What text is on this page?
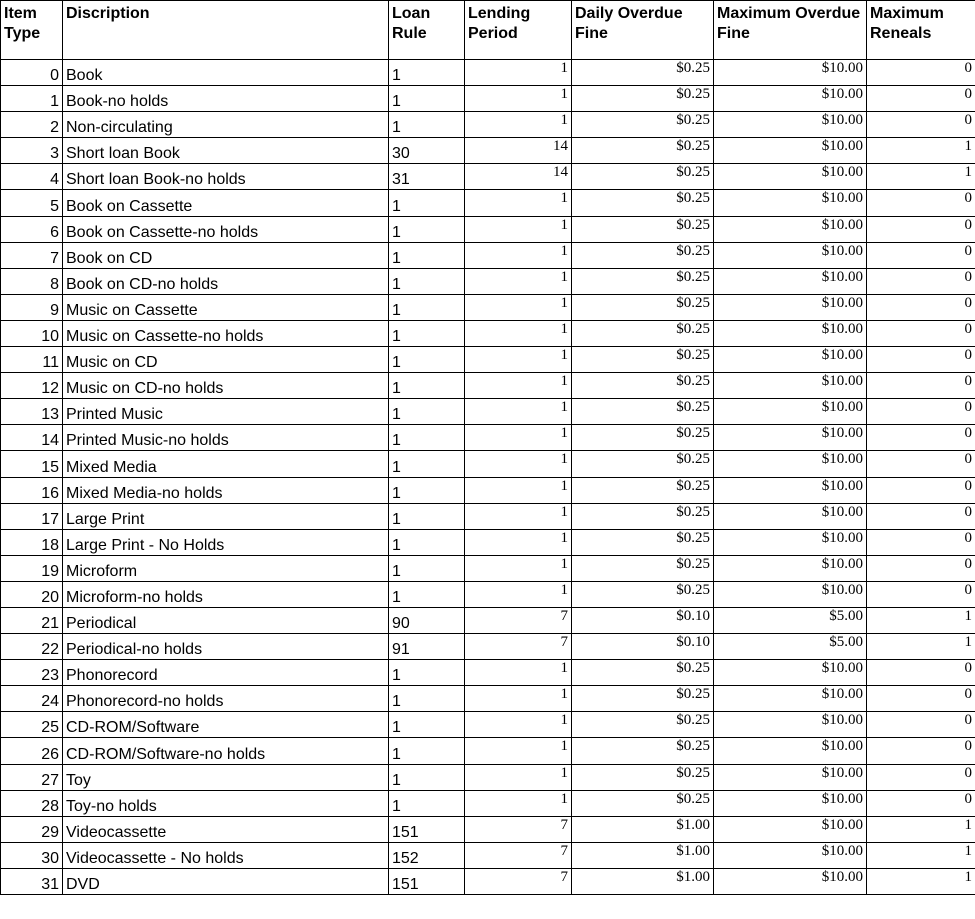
Item Type	Discription	Loan Rule	Lending Period	Daily Overdue Fine	Maximum Overdue Fine	Maximum Reneals
0	Book	1	1	$0.25	$10.00	0
1	Book-no holds	1	1	$0.25	$10.00	0
2	Non-circulating	1	1	$0.25	$10.00	0
3	Short loan Book	30	14	$0.25	$10.00	1
4	Short loan Book-no holds	31	14	$0.25	$10.00	1
5	Book on Cassette	1	1	$0.25	$10.00	0
6	Book on Cassette-no holds	1	1	$0.25	$10.00	0
7	Book on CD	1	1	$0.25	$10.00	0
8	Book on CD-no holds	1	1	$0.25	$10.00	0
9	Music on Cassette	1	1	$0.25	$10.00	0
10	Music on Cassette-no holds	1	1	$0.25	$10.00	0
11	Music on CD	1	1	$0.25	$10.00	0
12	Music on CD-no holds	1	1	$0.25	$10.00	0
13	Printed Music	1	1	$0.25	$10.00	0
14	Printed Music-no holds	1	1	$0.25	$10.00	0
15	Mixed Media	1	1	$0.25	$10.00	0
16	Mixed Media-no holds	1	1	$0.25	$10.00	0
17	Large Print	1	1	$0.25	$10.00	0
18	Large Print - No Holds	1	1	$0.25	$10.00	0
19	Microform	1	1	$0.25	$10.00	0
20	Microform-no holds	1	1	$0.25	$10.00	0
21	Periodical	90	7	$0.10	$5.00	1
22	Periodical-no holds	91	7	$0.10	$5.00	1
23	Phonorecord	1	1	$0.25	$10.00	0
24	Phonorecord-no holds	1	1	$0.25	$10.00	0
25	CD-ROM/Software	1	1	$0.25	$10.00	0
26	CD-ROM/Software-no holds	1	1	$0.25	$10.00	0
27	Toy	1	1	$0.25	$10.00	0
28	Toy-no holds	1	1	$0.25	$10.00	0
29	Videocassette	151	7	$1.00	$10.00	1
30	Videocassette - No holds	152	7	$1.00	$10.00	1
31	DVD	151	7	$1.00	$10.00	1
